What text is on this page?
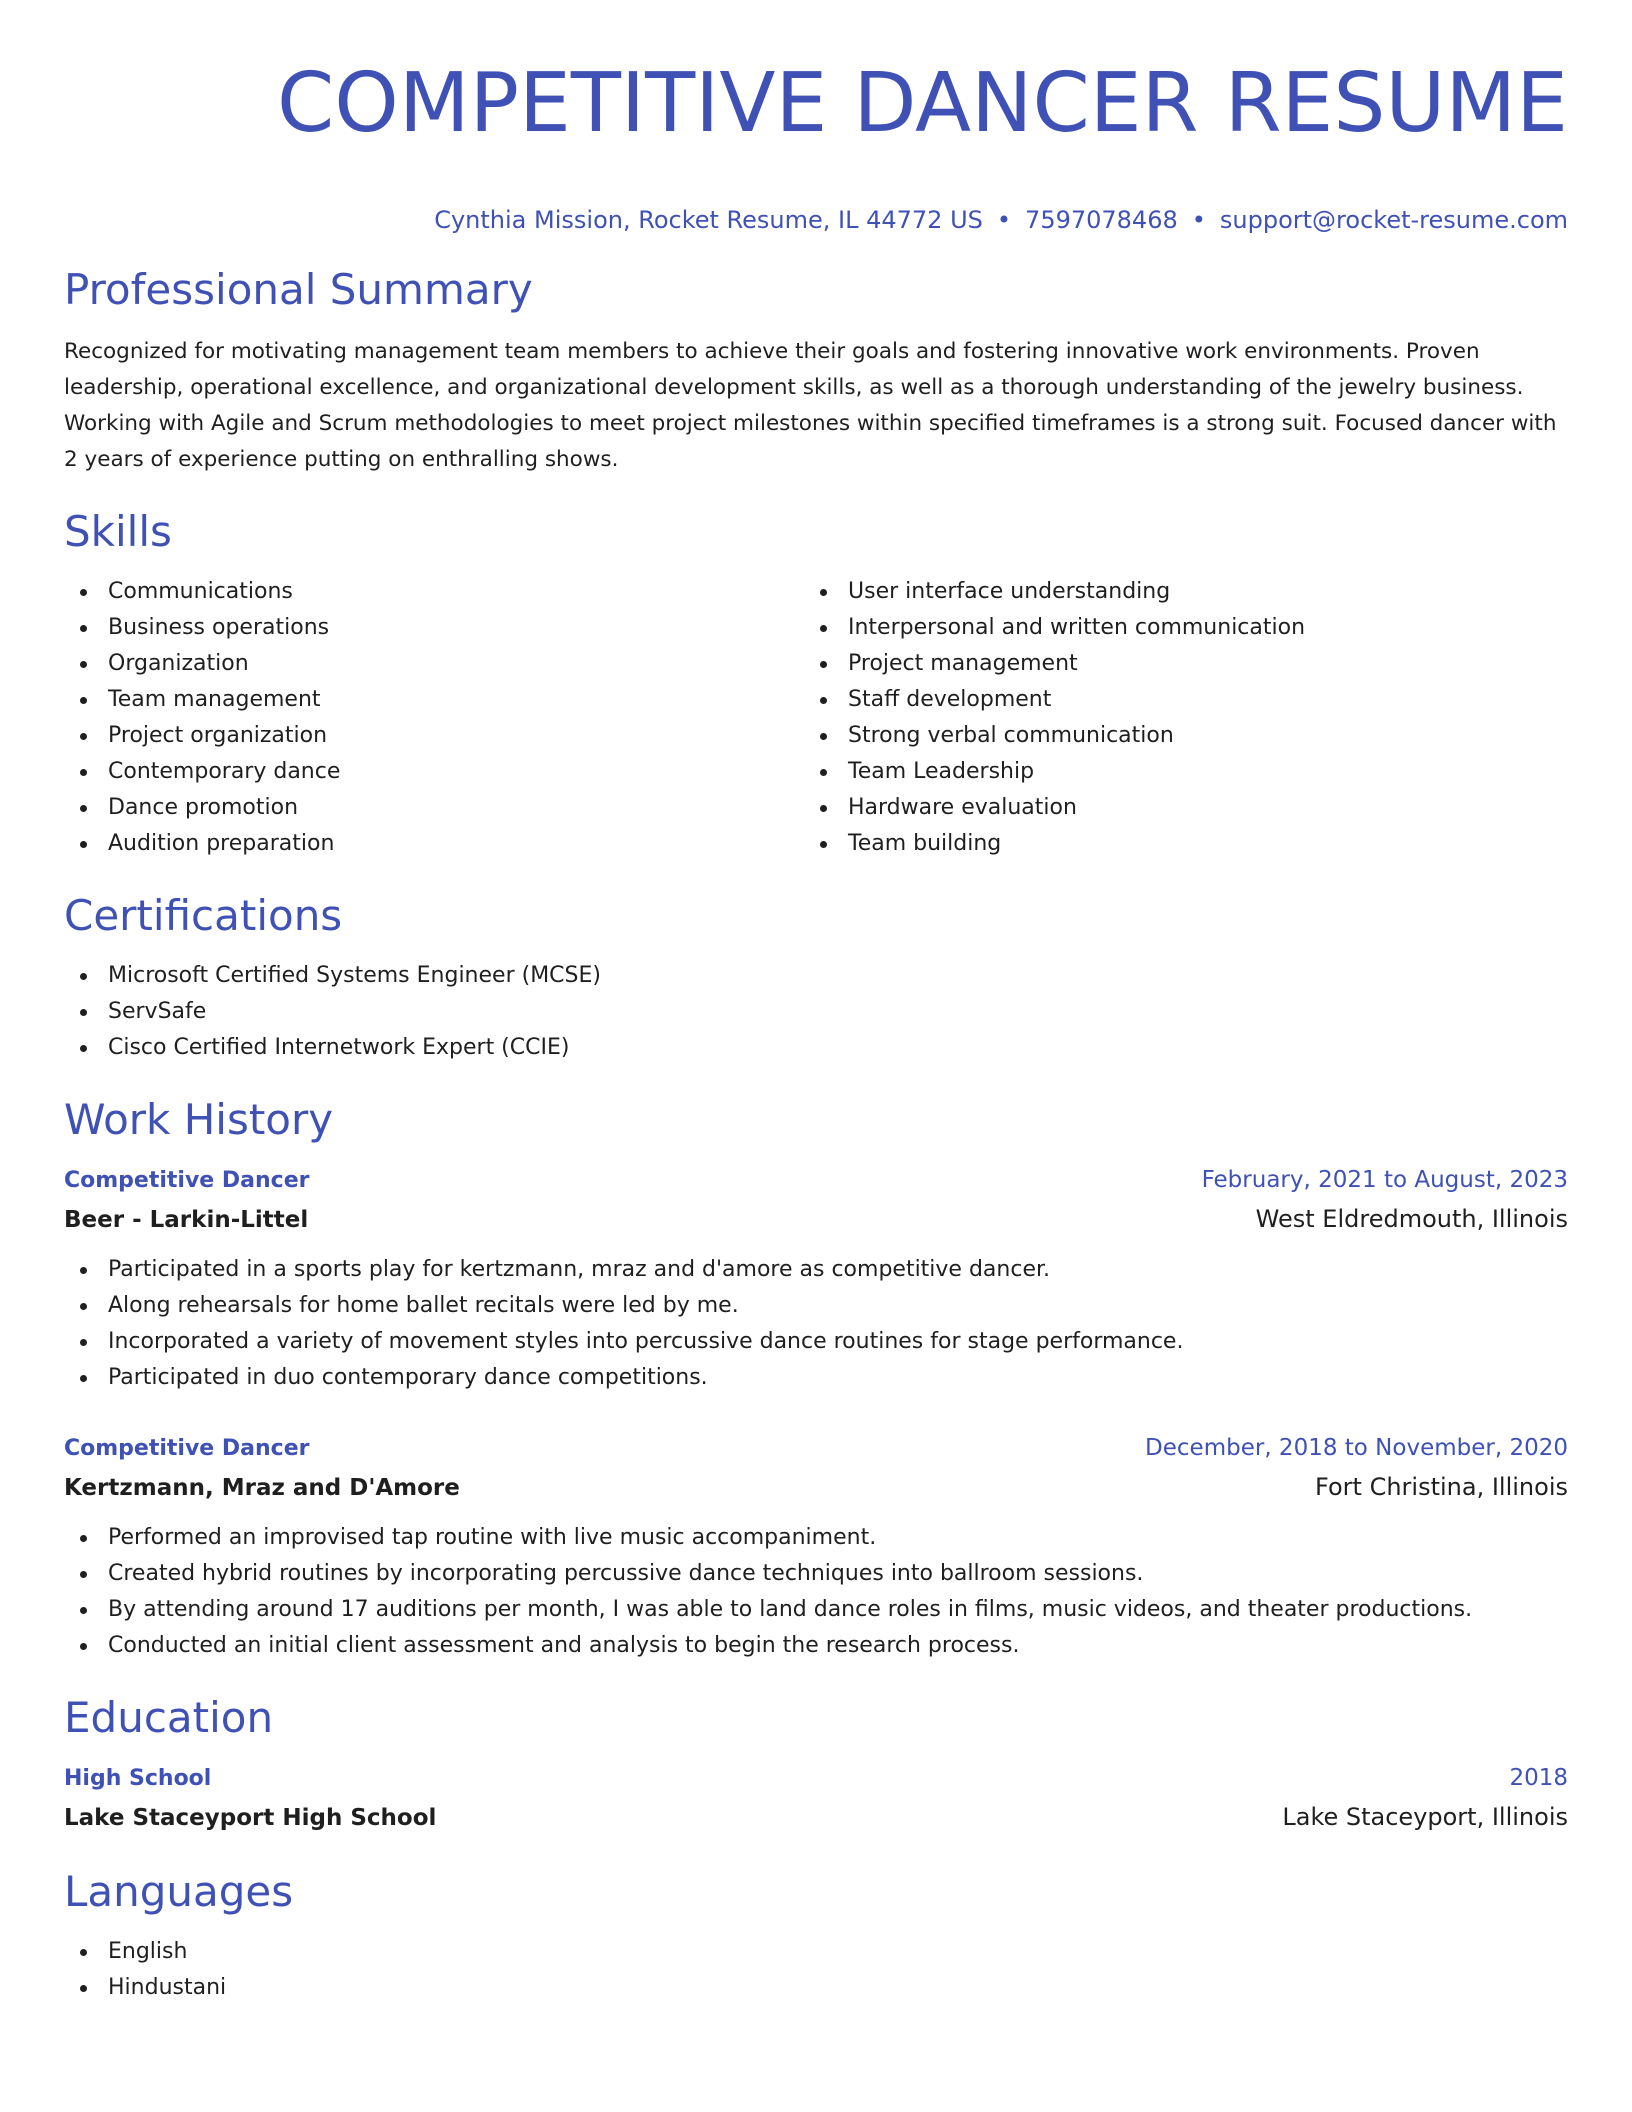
COMPETITIVE DANCER RESUME
Cynthia Mission, Rocket Resume, IL 44772 US • 7597078468 • support@rocket-resume.com
Professional Summary

Recognized for motivating management team members to achieve their goals and fostering innovative work environments. Proven leadership, operational excellence, and organizational development skills, as well as a thorough understanding of the jewelry business. Working with Agile and Scrum methodologies to meet project milestones within specified timeframes is a strong suit. Focused dancer with 2 years of experience putting on enthralling shows.

Skills
Communications
Business operations
Organization
Team management
Project organization
Contemporary dance
Dance promotion
Audition preparation
User interface understanding
Interpersonal and written communication
Project management
Staff development
Strong verbal communication
Team Leadership
Hardware evaluation
Team building
Certifications
Microsoft Certified Systems Engineer (MCSE)
ServSafe
Cisco Certified Internetwork Expert (CCIE)
Work History
Competitive Dancer	February, 2021 to August, 2023
Beer - Larkin-Littel	West Eldredmouth, Illinois
Participated in a sports play for kertzmann, mraz and d'amore as competitive dancer.
Along rehearsals for home ballet recitals were led by me.
Incorporated a variety of movement styles into percussive dance routines for stage performance.
Participated in duo contemporary dance competitions.
Competitive Dancer	December, 2018 to November, 2020
Kertzmann, Mraz and D'Amore	Fort Christina, Illinois
Performed an improvised tap routine with live music accompaniment.
Created hybrid routines by incorporating percussive dance techniques into ballroom sessions.
By attending around 17 auditions per month, I was able to land dance roles in films, music videos, and theater productions.
Conducted an initial client assessment and analysis to begin the research process.
Education
High School	2018
Lake Staceyport High School	Lake Staceyport, Illinois
Languages
English
Hindustani
